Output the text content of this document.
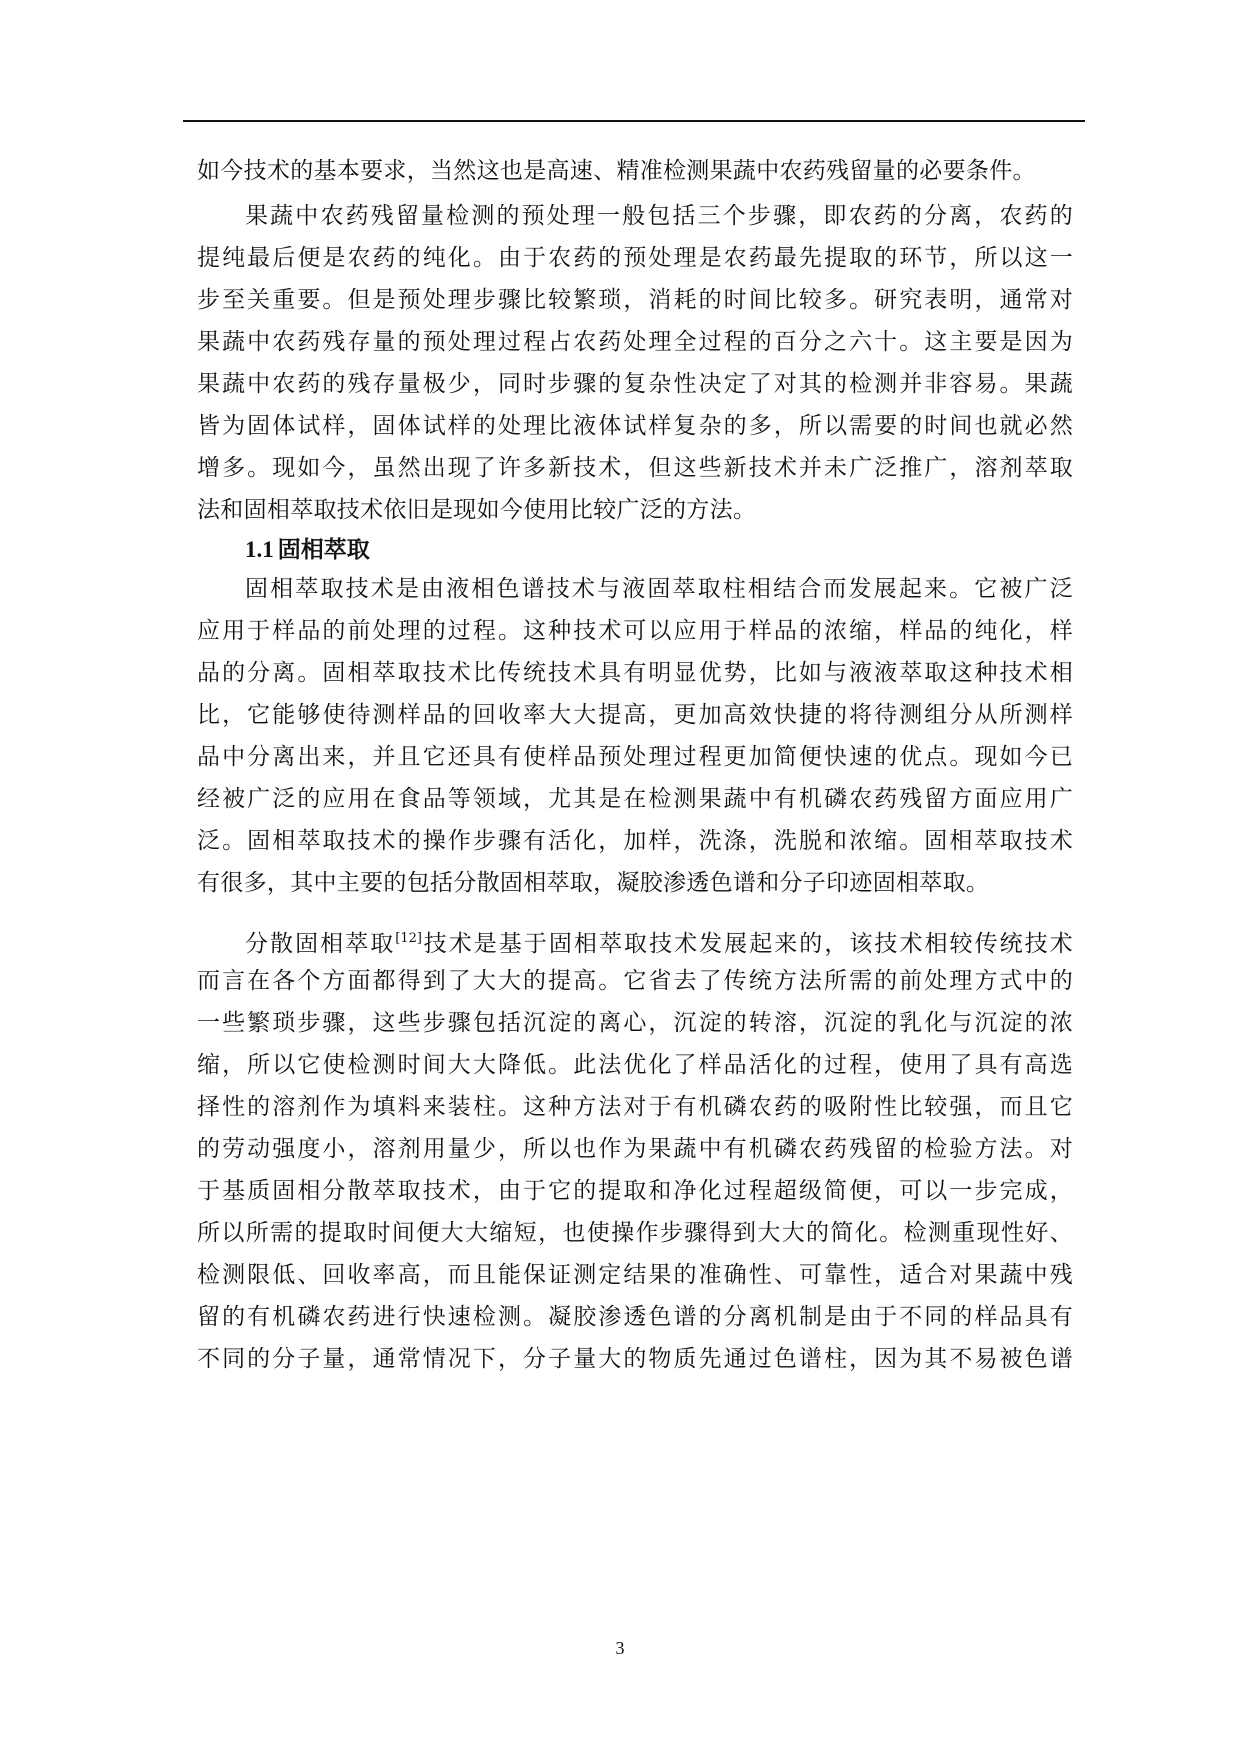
如今技术的基本要求，当然这也是高速、精准检测果蔬中农药残留量的必要条件。
果蔬中农药残留量检测的预处理一般包括三个步骤，即农药的分离，农药的
提纯最后便是农药的纯化。由于农药的预处理是农药最先提取的环节，所以这一
步至关重要。但是预处理步骤比较繁琐，消耗的时间比较多。研究表明，通常对
果蔬中农药残存量的预处理过程占农药处理全过程的百分之六十。这主要是因为
果蔬中农药的残存量极少，同时步骤的复杂性决定了对其的检测并非容易。果蔬
皆为固体试样，固体试样的处理比液体试样复杂的多，所以需要的时间也就必然
增多。现如今，虽然出现了许多新技术，但这些新技术并未广泛推广，溶剂萃取
法和固相萃取技术依旧是现如今使用比较广泛的方法。
1.1 固相萃取
固相萃取技术是由液相色谱技术与液固萃取柱相结合而发展起来。它被广泛
应用于样品的前处理的过程。这种技术可以应用于样品的浓缩，样品的纯化，样
品的分离。固相萃取技术比传统技术具有明显优势，比如与液液萃取这种技术相
比，它能够使待测样品的回收率大大提高，更加高效快捷的将待测组分从所测样
品中分离出来，并且它还具有使样品预处理过程更加简便快速的优点。现如今已
经被广泛的应用在食品等领域，尤其是在检测果蔬中有机磷农药残留方面应用广
泛。固相萃取技术的操作步骤有活化，加样，洗涤，洗脱和浓缩。固相萃取技术
有很多，其中主要的包括分散固相萃取，凝胶渗透色谱和分子印迹固相萃取。
分散固相萃取[12]技术是基于固相萃取技术发展起来的，该技术相较传统技术
而言在各个方面都得到了大大的提高。它省去了传统方法所需的前处理方式中的
一些繁琐步骤，这些步骤包括沉淀的离心，沉淀的转溶，沉淀的乳化与沉淀的浓
缩，所以它使检测时间大大降低。此法优化了样品活化的过程，使用了具有高选
择性的溶剂作为填料来装柱。这种方法对于有机磷农药的吸附性比较强，而且它
的劳动强度小，溶剂用量少，所以也作为果蔬中有机磷农药残留的检验方法。对
于基质固相分散萃取技术，由于它的提取和净化过程超级简便，可以一步完成，
所以所需的提取时间便大大缩短，也使操作步骤得到大大的简化。检测重现性好、
检测限低、回收率高，而且能保证测定结果的准确性、可靠性，适合对果蔬中残
留的有机磷农药进行快速检测。凝胶渗透色谱的分离机制是由于不同的样品具有
不同的分子量，通常情况下，分子量大的物质先通过色谱柱，因为其不易被色谱
3
